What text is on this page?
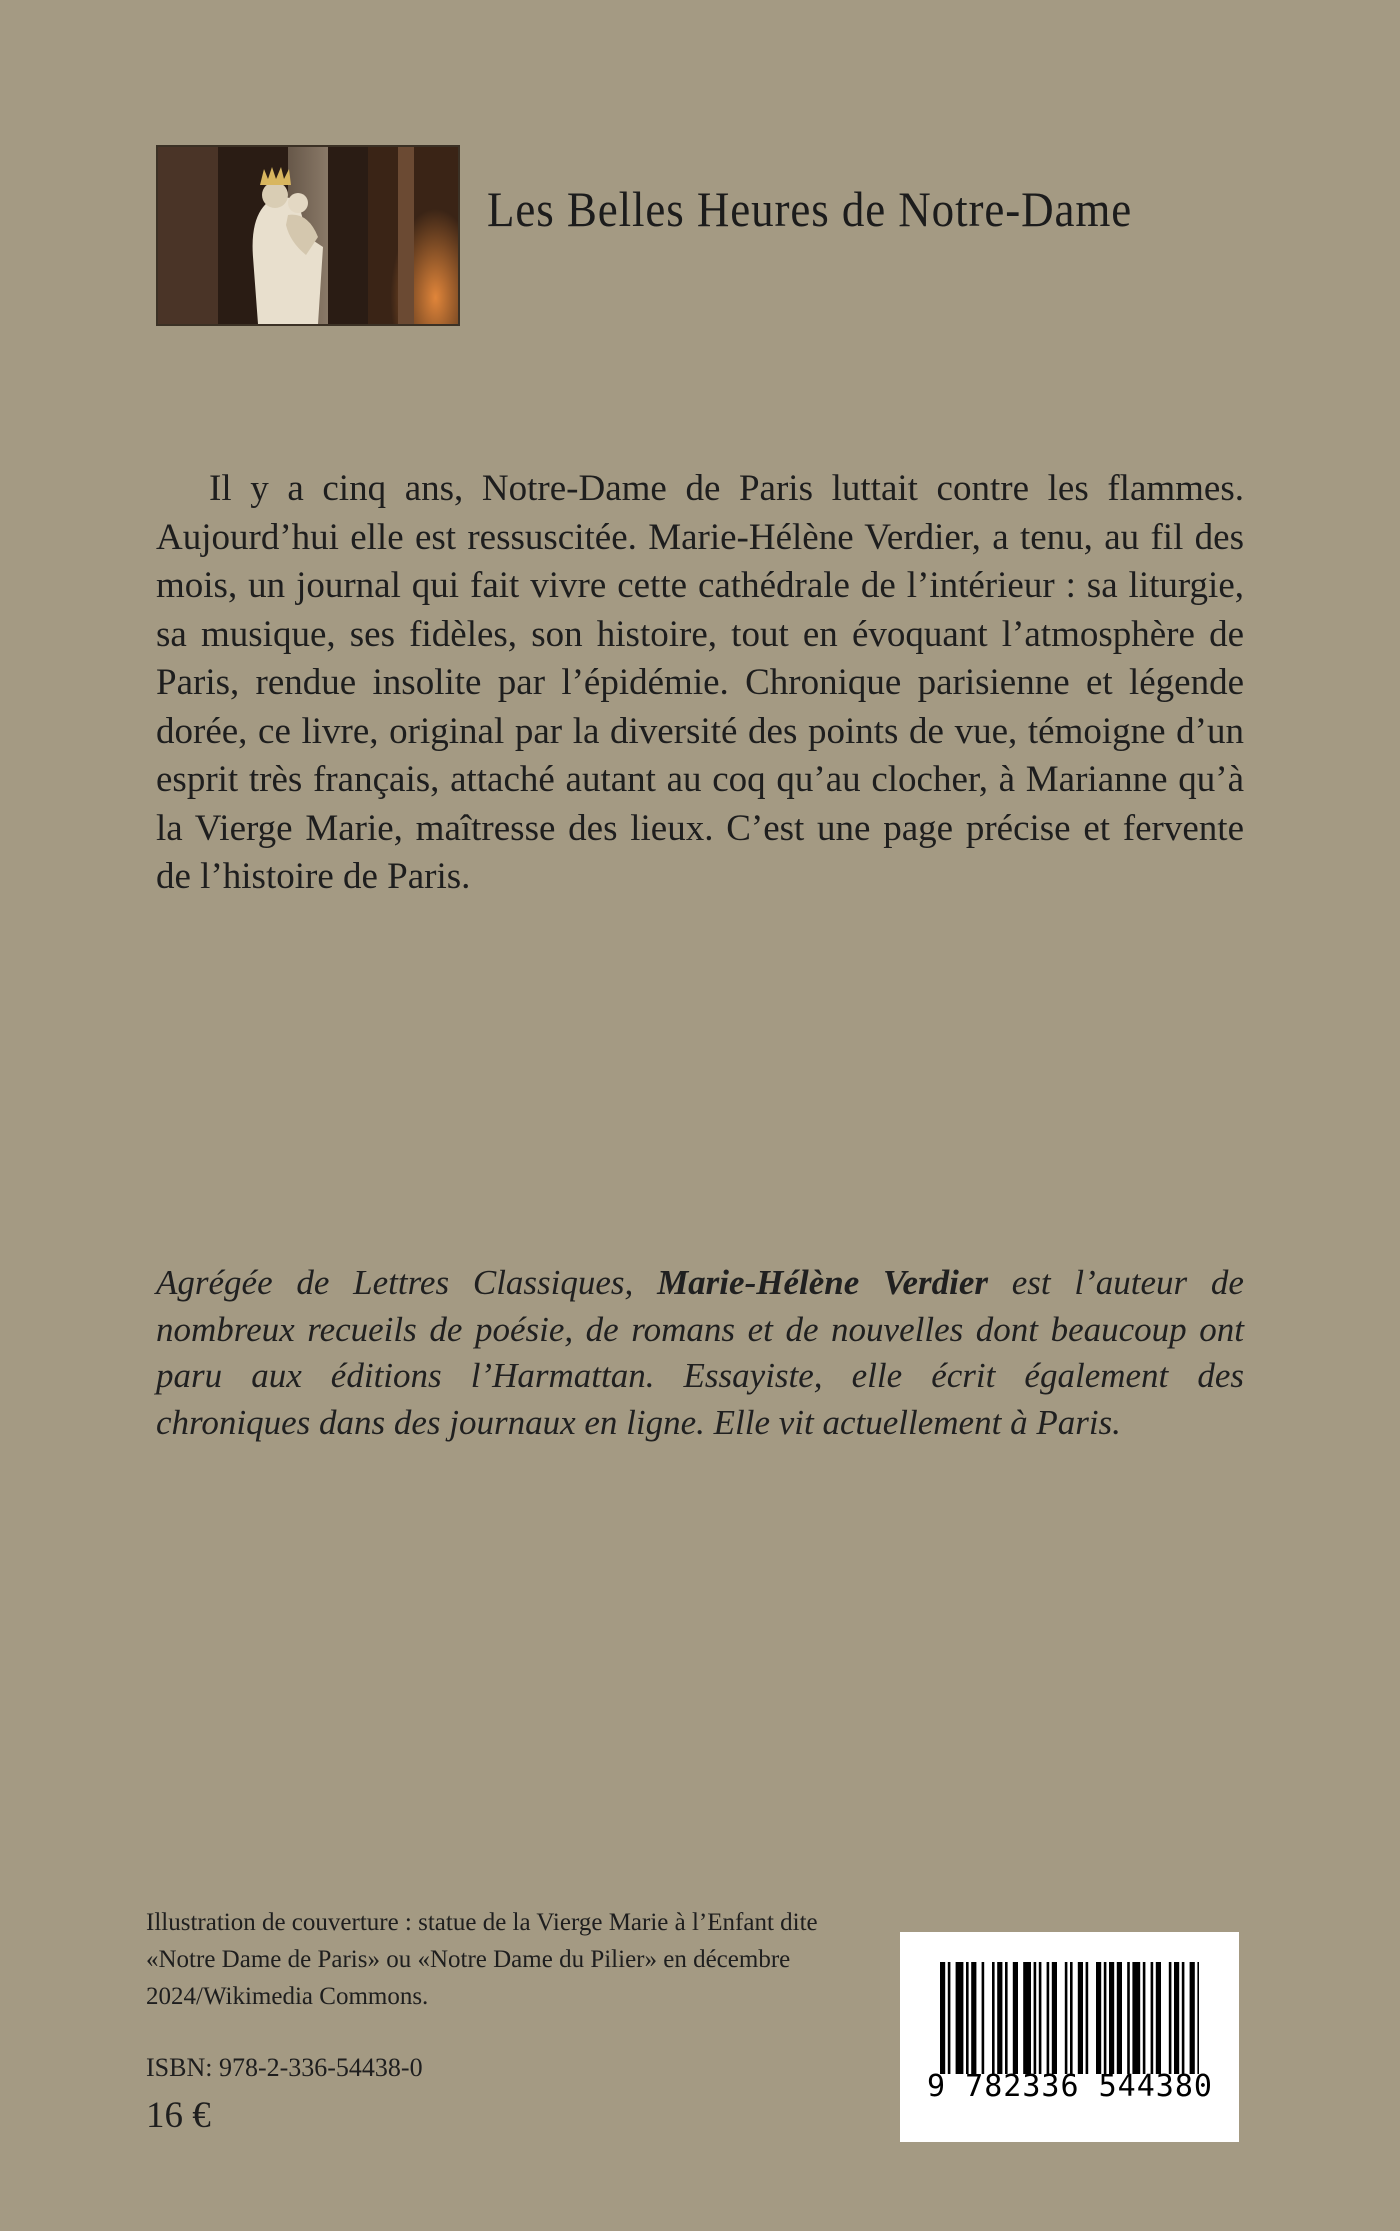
Les Belles Heures de Notre-Dame

Il y a cinq ans, Notre-Dame de Paris luttait contre les flammes. Aujourd’hui elle est ressuscitée. Marie-Hélène Verdier, a tenu, au fil des mois, un journal qui fait vivre cette cathédrale de l’intérieur : sa liturgie, sa musique, ses fidèles, son histoire, tout en évoquant l’atmosphère de Paris, rendue insolite par l’épidémie. Chronique parisienne et légende dorée, ce livre, original par la diversité des points de vue, témoigne d’un esprit très français, attaché autant au coq qu’au clocher, à Marianne qu’à la Vierge Marie, maîtresse des lieux. C’est une page précise et fervente de l’histoire de Paris.

Agrégée de Lettres Classiques, Marie-Hélène Verdier est l’auteur de nombreux recueils de poésie, de romans et de nouvelles dont beaucoup ont paru aux éditions l’Harmattan. Essayiste, elle écrit également des chroniques dans des journaux en ligne. Elle vit actuellement à Paris.

Illustration de couverture : statue de la Vierge Marie à l’Enfant dite «Notre Dame de Paris» ou «Notre Dame du Pilier» en décembre 2024/Wikimedia Commons.
ISBN: 978-2-336-54438-0
16 €
9 782336 544380
